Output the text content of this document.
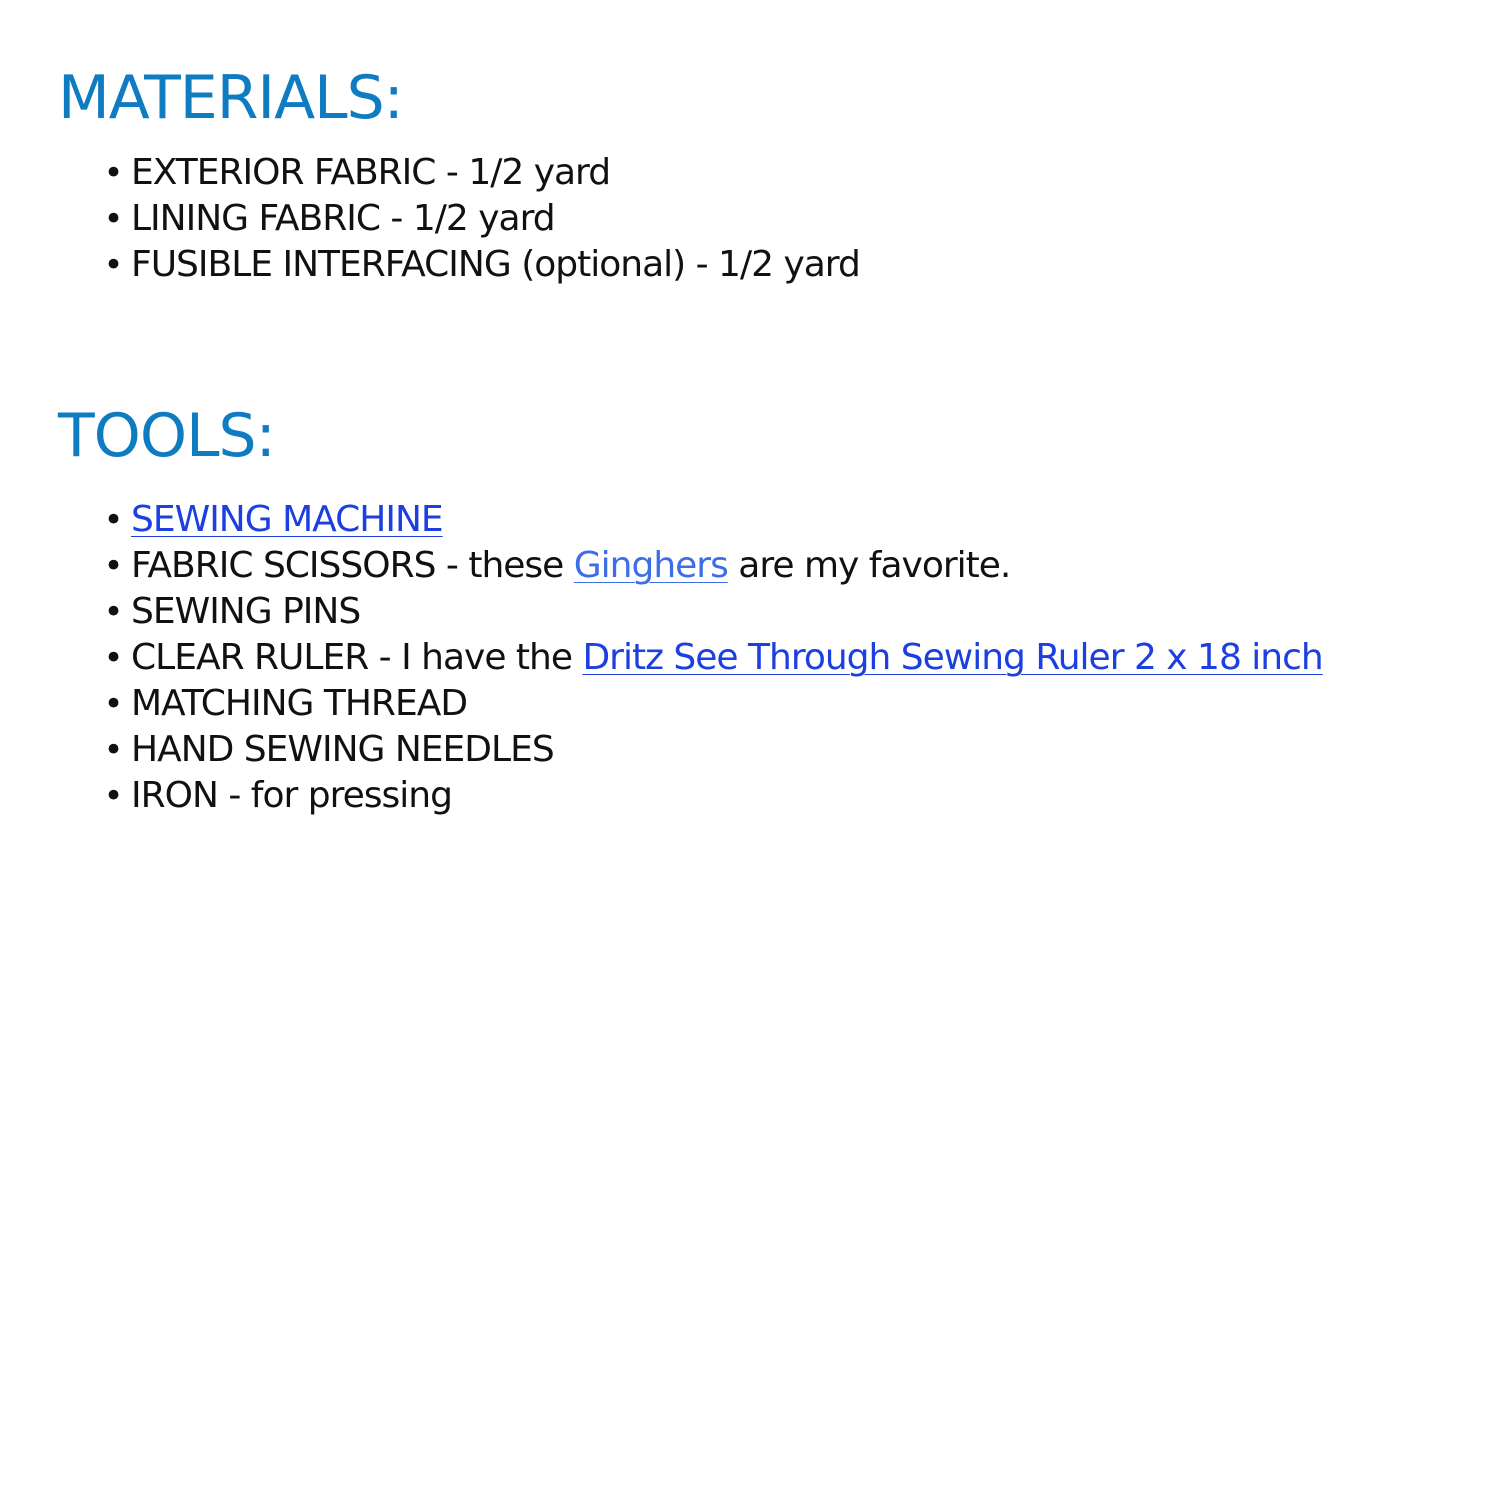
MATERIALS:
• EXTERIOR FABRIC - 1/2 yard
• LINING FABRIC - 1/2 yard
• FUSIBLE INTERFACING (optional) - 1/2 yard
TOOLS:
• SEWING MACHINE
• FABRIC SCISSORS - these Ginghers are my favorite.
• SEWING PINS
• CLEAR RULER - I have the Dritz See Through Sewing Ruler 2 x 18 inch
• MATCHING THREAD
• HAND SEWING NEEDLES
• IRON - for pressing
